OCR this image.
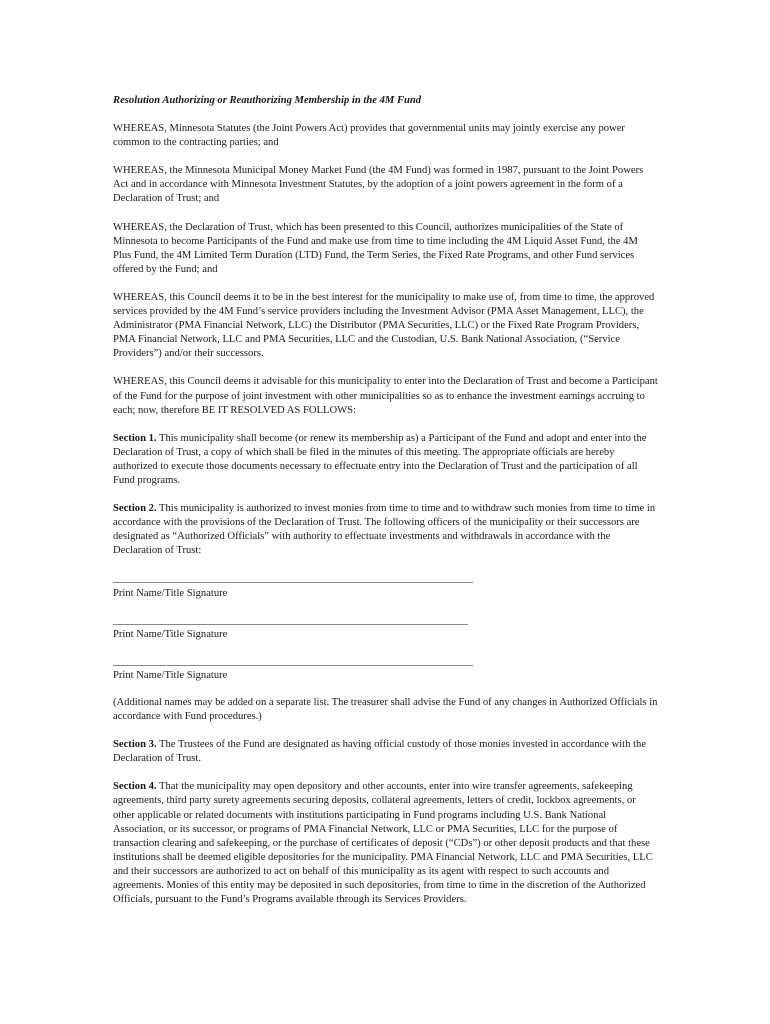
Resolution Authorizing or Reauthorizing Membership in the 4M Fund

WHEREAS, Minnesota Statutes (the Joint Powers Act) provides that governmental units may jointly exercise any power common to the contracting parties; and

WHEREAS, the Minnesota Municipal Money Market Fund (the 4M Fund) was formed in 1987, pursuant to the Joint Powers Act and in accordance with Minnesota Investment Statutes, by the adoption of a joint powers agreement in the form of a Declaration of Trust; and

WHEREAS, the Declaration of Trust, which has been presented to this Council, authorizes municipalities of the State of Minnesota to become Participants of the Fund and make use from time to time including the 4M Liquid Asset Fund, the 4M Plus Fund, the 4M Limited Term Duration (LTD) Fund, the Term Series, the Fixed Rate Programs, and other Fund services offered by the Fund; and

WHEREAS, this Council deems it to be in the best interest for the municipality to make use of, from time to time, the approved services provided by the 4M Fund’s service providers including the Investment Advisor (PMA Asset Management, LLC), the Administrator (PMA Financial Network, LLC) the Distributor (PMA Securities, LLC) or the Fixed Rate Program Providers, PMA Financial Network, LLC and PMA Securities, LLC and the Custodian, U.S. Bank National Association, (“Service Providers”) and/or their successors.

WHEREAS, this Council deems it advisable for this municipality to enter into the Declaration of Trust and become a Participant of the Fund for the purpose of joint investment with other municipalities so as to enhance the investment earnings accruing to each; now, therefore BE IT RESOLVED AS FOLLOWS:

Section 1. This municipality shall become (or renew its membership as) a Participant of the Fund and adopt and enter into the Declaration of Trust, a copy of which shall be filed in the minutes of this meeting. The appropriate officials are hereby authorized to execute those documents necessary to effectuate entry into the Declaration of Trust and the participation of all Fund programs.

Section 2. This municipality is authorized to invest monies from time to time and to withdraw such monies from time to time in accordance with the provisions of the Declaration of Trust. The following officers of the municipality or their successors are designated as “Authorized Officials” with authority to effectuate investments and withdrawals in accordance with the Declaration of Trust:

____________________________________________________________________
Print Name/Title Signature
___________________________________________________________________
Print Name/Title Signature
____________________________________________________________________
Print Name/Title Signature

(Additional names may be added on a separate list. The treasurer shall advise the Fund of any changes in Authorized Officials in accordance with Fund procedures.)

Section 3. The Trustees of the Fund are designated as having official custody of those monies invested in accordance with the Declaration of Trust.

Section 4. That the municipality may open depository and other accounts, enter into wire transfer agreements, safekeeping agreements, third party surety agreements securing deposits, collateral agreements, letters of credit, lockbox agreements, or other applicable or related documents with institutions participating in Fund programs including U.S. Bank National Association, or its successor, or programs of PMA Financial Network, LLC or PMA Securities, LLC for the purpose of transaction clearing and safekeeping, or the purchase of certificates of deposit (“CDs”) or other deposit products and that these institutions shall be deemed eligible depositories for the municipality. PMA Financial Network, LLC and PMA Securities, LLC and their successors are authorized to act on behalf of this municipality as its agent with respect to such accounts and agreements. Monies of this entity may be deposited in such depositories, from time to time in the discretion of the Authorized Officials, pursuant to the Fund’s Programs available through its Services Providers.
